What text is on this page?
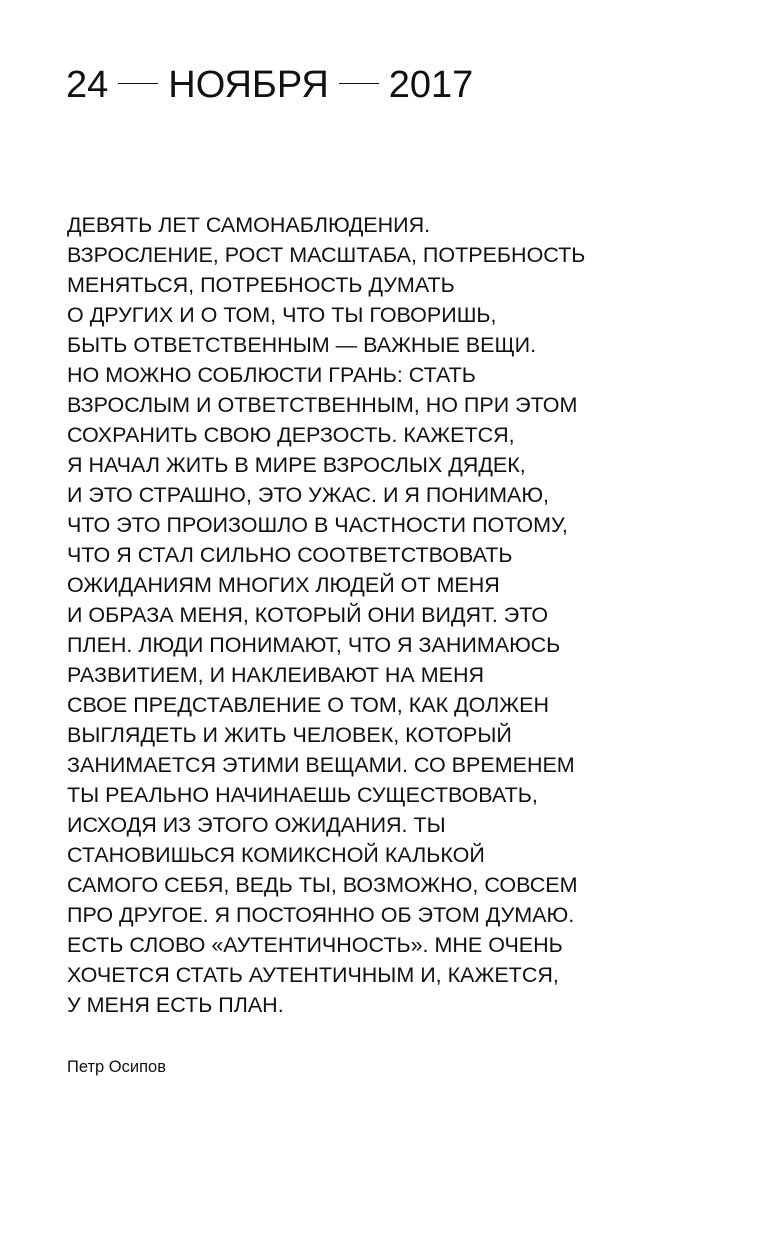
24 НОЯБРЯ 2017
ДЕВЯТЬ ЛЕТ САМОНАБЛЮДЕНИЯ.
ВЗРОСЛЕНИЕ, РОСТ МАСШТАБА, ПОТРЕБНОСТЬ
МЕНЯТЬСЯ, ПОТРЕБНОСТЬ ДУМАТЬ
О ДРУГИХ И О ТОМ, ЧТО ТЫ ГОВОРИШЬ,
БЫТЬ ОТВЕТСТВЕННЫМ — ВАЖНЫЕ ВЕЩИ.
НО МОЖНО СОБЛЮСТИ ГРАНЬ: СТАТЬ
ВЗРОСЛЫМ И ОТВЕТСТВЕННЫМ, НО ПРИ ЭТОМ
СОХРАНИТЬ СВОЮ ДЕРЗОСТЬ. КАЖЕТСЯ,
Я НАЧАЛ ЖИТЬ В МИРЕ ВЗРОСЛЫХ ДЯДЕК,
И ЭТО СТРАШНО, ЭТО УЖАС. И Я ПОНИМАЮ,
ЧТО ЭТО ПРОИЗОШЛО В ЧАСТНОСТИ ПОТОМУ,
ЧТО Я СТАЛ СИЛЬНО СООТВЕТСТВОВАТЬ
ОЖИДАНИЯМ МНОГИХ ЛЮДЕЙ ОТ МЕНЯ
И ОБРАЗА МЕНЯ, КОТОРЫЙ ОНИ ВИДЯТ. ЭТО
ПЛЕН. ЛЮДИ ПОНИМАЮТ, ЧТО Я ЗАНИМАЮСЬ
РАЗВИТИЕМ, И НАКЛЕИВАЮТ НА МЕНЯ
СВОЕ ПРЕДСТАВЛЕНИЕ О ТОМ, КАК ДОЛЖЕН
ВЫГЛЯДЕТЬ И ЖИТЬ ЧЕЛОВЕК, КОТОРЫЙ
ЗАНИМАЕТСЯ ЭТИМИ ВЕЩАМИ. СО ВРЕМЕНЕМ
ТЫ РЕАЛЬНО НАЧИНАЕШЬ СУЩЕСТВОВАТЬ,
ИСХОДЯ ИЗ ЭТОГО ОЖИДАНИЯ. ТЫ
СТАНОВИШЬСЯ КОМИКСНОЙ КАЛЬКОЙ
САМОГО СЕБЯ, ВЕДЬ ТЫ, ВОЗМОЖНО, СОВСЕМ
ПРО ДРУГОЕ. Я ПОСТОЯННО ОБ ЭТОМ ДУМАЮ.
ЕСТЬ СЛОВО «АУТЕНТИЧНОСТЬ». МНЕ ОЧЕНЬ
ХОЧЕТСЯ СТАТЬ АУТЕНТИЧНЫМ И, КАЖЕТСЯ,
У МЕНЯ ЕСТЬ ПЛАН.
Петр Осипов
